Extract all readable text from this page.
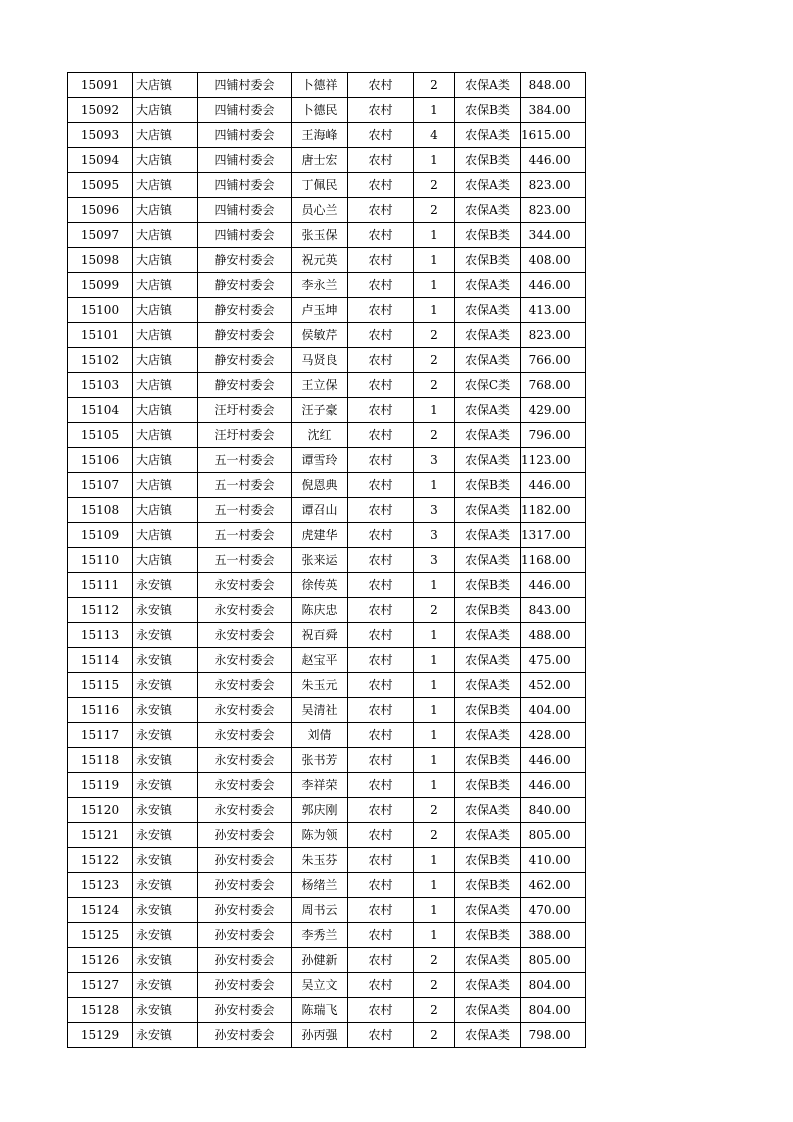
15091	大店镇	四铺村委会	卜德祥	农村	2	农保A类	848.00
15092	大店镇	四铺村委会	卜德民	农村	1	农保B类	384.00
15093	大店镇	四铺村委会	王海峰	农村	4	农保A类	1615.00
15094	大店镇	四铺村委会	唐士宏	农村	1	农保B类	446.00
15095	大店镇	四铺村委会	丁佩民	农村	2	农保A类	823.00
15096	大店镇	四铺村委会	员心兰	农村	2	农保A类	823.00
15097	大店镇	四铺村委会	张玉保	农村	1	农保B类	344.00
15098	大店镇	静安村委会	祝元英	农村	1	农保B类	408.00
15099	大店镇	静安村委会	李永兰	农村	1	农保A类	446.00
15100	大店镇	静安村委会	卢玉坤	农村	1	农保A类	413.00
15101	大店镇	静安村委会	侯敏芹	农村	2	农保A类	823.00
15102	大店镇	静安村委会	马贤良	农村	2	农保A类	766.00
15103	大店镇	静安村委会	王立保	农村	2	农保C类	768.00
15104	大店镇	汪圩村委会	汪子豪	农村	1	农保A类	429.00
15105	大店镇	汪圩村委会	沈红	农村	2	农保A类	796.00
15106	大店镇	五一村委会	谭雪玲	农村	3	农保A类	1123.00
15107	大店镇	五一村委会	倪恩典	农村	1	农保B类	446.00
15108	大店镇	五一村委会	谭召山	农村	3	农保A类	1182.00
15109	大店镇	五一村委会	虎建华	农村	3	农保A类	1317.00
15110	大店镇	五一村委会	张来运	农村	3	农保A类	1168.00
15111	永安镇	永安村委会	徐传英	农村	1	农保B类	446.00
15112	永安镇	永安村委会	陈庆忠	农村	2	农保B类	843.00
15113	永安镇	永安村委会	祝百舜	农村	1	农保A类	488.00
15114	永安镇	永安村委会	赵宝平	农村	1	农保A类	475.00
15115	永安镇	永安村委会	朱玉元	农村	1	农保A类	452.00
15116	永安镇	永安村委会	吴清社	农村	1	农保B类	404.00
15117	永安镇	永安村委会	刘倩	农村	1	农保A类	428.00
15118	永安镇	永安村委会	张书芳	农村	1	农保B类	446.00
15119	永安镇	永安村委会	李祥荣	农村	1	农保B类	446.00
15120	永安镇	永安村委会	郭庆刚	农村	2	农保A类	840.00
15121	永安镇	孙安村委会	陈为领	农村	2	农保A类	805.00
15122	永安镇	孙安村委会	朱玉芬	农村	1	农保B类	410.00
15123	永安镇	孙安村委会	杨绪兰	农村	1	农保B类	462.00
15124	永安镇	孙安村委会	周书云	农村	1	农保A类	470.00
15125	永安镇	孙安村委会	李秀兰	农村	1	农保B类	388.00
15126	永安镇	孙安村委会	孙健新	农村	2	农保A类	805.00
15127	永安镇	孙安村委会	吴立文	农村	2	农保A类	804.00
15128	永安镇	孙安村委会	陈瑞飞	农村	2	农保A类	804.00
15129	永安镇	孙安村委会	孙丙强	农村	2	农保A类	798.00
